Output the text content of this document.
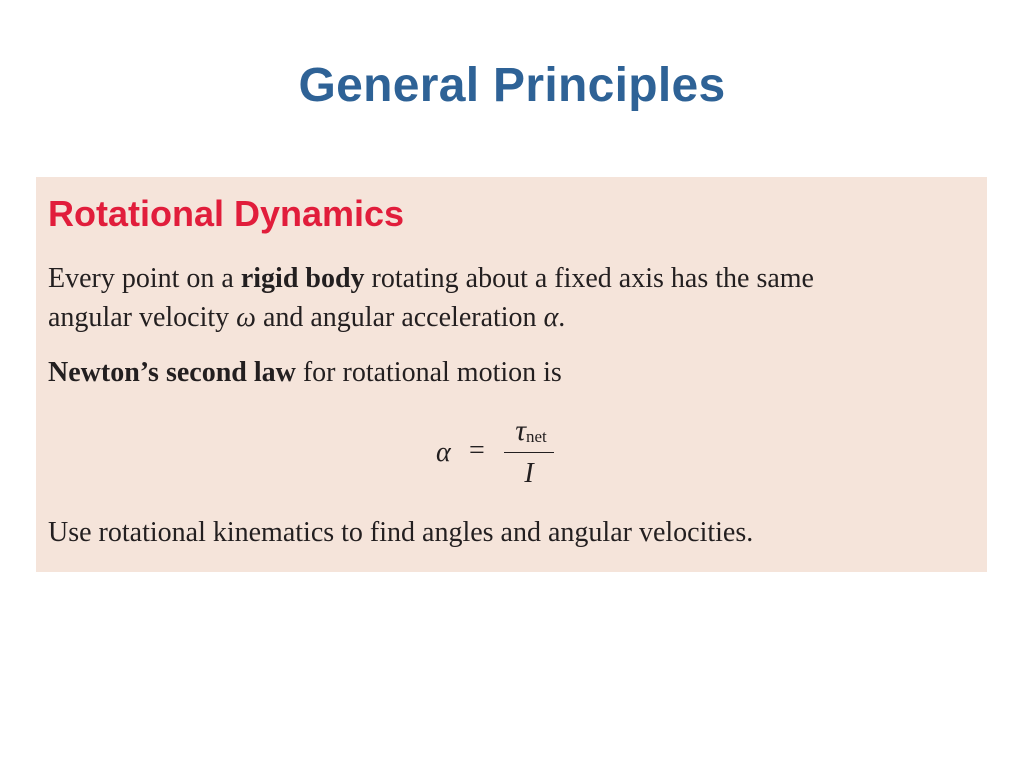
General Principles
Rotational Dynamics
Every point on a rigid body rotating about a fixed axis has the same
angular velocity ω and angular acceleration α.
Newton’s second law for rotational motion is
α =
τnet
I
Use rotational kinematics to find angles and angular velocities.
